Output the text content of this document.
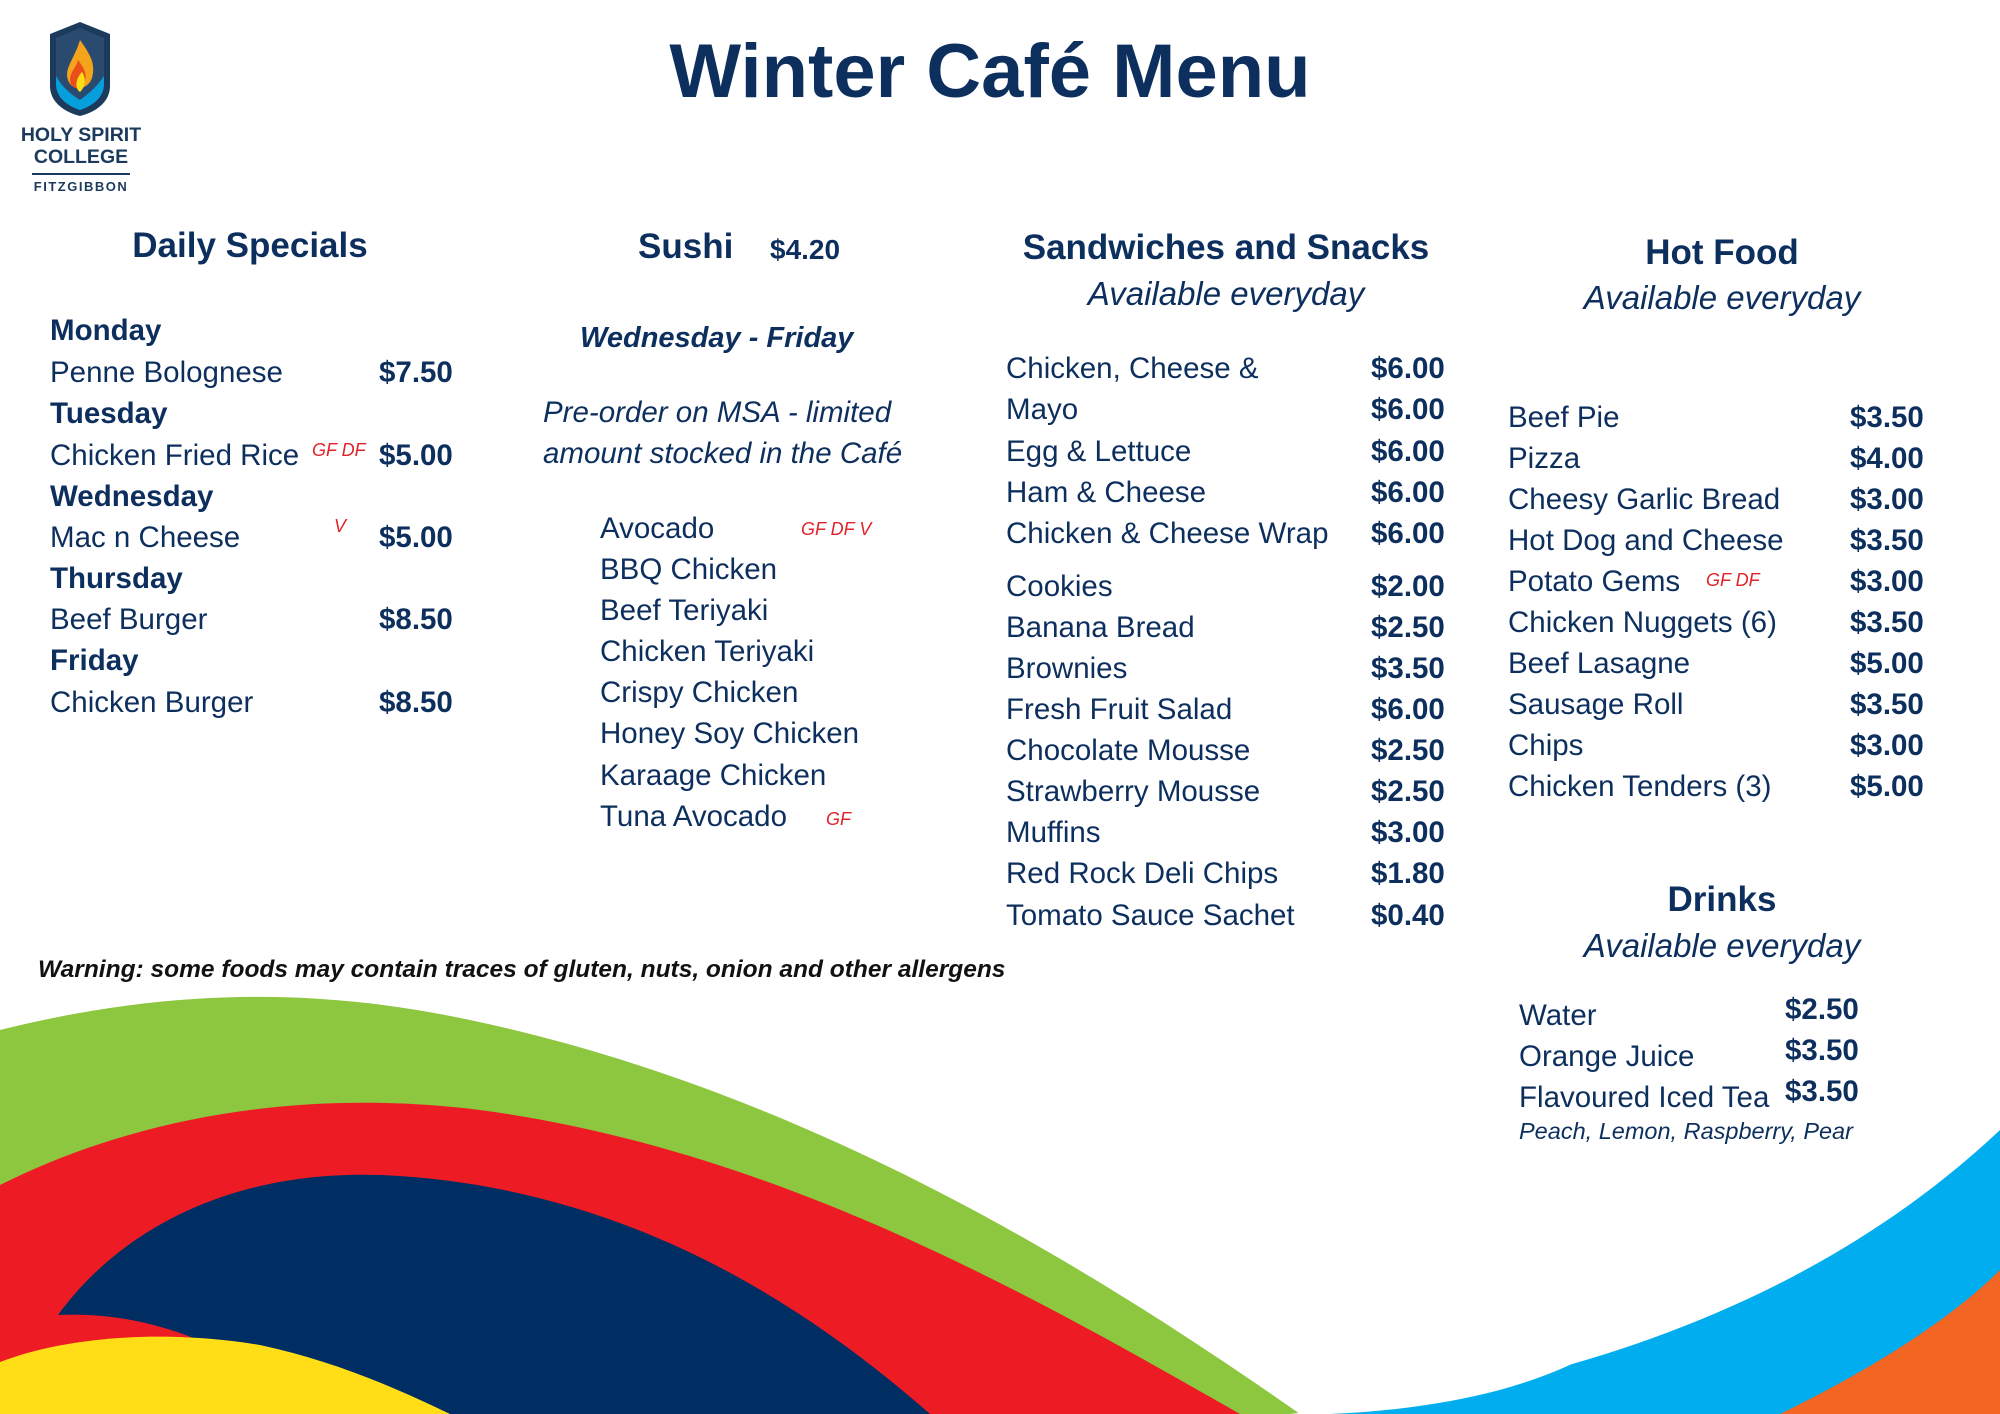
HOLY SPIRIT
COLLEGE
FITZGIBBON
Winter Café Menu
Daily Specials
Monday
Penne Bolognese	$7.50
Tuesday
Chicken Fried Rice GF DF $5.00
Wednesday
Mac n Cheese	V $5.00
Thursday
Beef Burger	$8.50
Friday
Chicken Burger	$8.50
Sushi $4.20
Wednesday - Friday
Pre-order on MSA - limited
amount stocked in the Café
Avocado	GF DF V
BBQ Chicken
Beef Teriyaki
Chicken Teriyaki
Crispy Chicken
Honey Soy Chicken
Karaage Chicken
Tuna Avocado GF
Sandwiches and Snacks
Available everyday
Chicken, Cheese &	$6.00
Mayo	$6.00
Egg & Lettuce	$6.00
Ham & Cheese	$6.00
Chicken & Cheese Wrap $6.00
Cookies	$2.00
Banana Bread	$2.50
Brownies	$3.50
Fresh Fruit Salad	$6.00
Chocolate Mousse	$2.50
Strawberry Mousse	$2.50
Muffins	$3.00
Red Rock Deli Chips	$1.80
Tomato Sauce Sachet	$0.40
Hot Food
Available everyday
Beef Pie	$3.50
Pizza	$4.00
Cheesy Garlic Bread $3.00
Hot Dog and Cheese $3.50
Potato Gems GF DF	$3.00
Chicken Nuggets (6) $3.50
Beef Lasagne	$5.00
Sausage Roll	$3.50
Chips	$3.00
Chicken Tenders (3)	$5.00
Drinks
Available everyday
Water	$2.50
Orange Juice	$3.50
Flavoured Iced Tea $3.50
Peach, Lemon, Raspberry, Pear
Warning: some foods may contain traces of gluten, nuts, onion and other allergens
